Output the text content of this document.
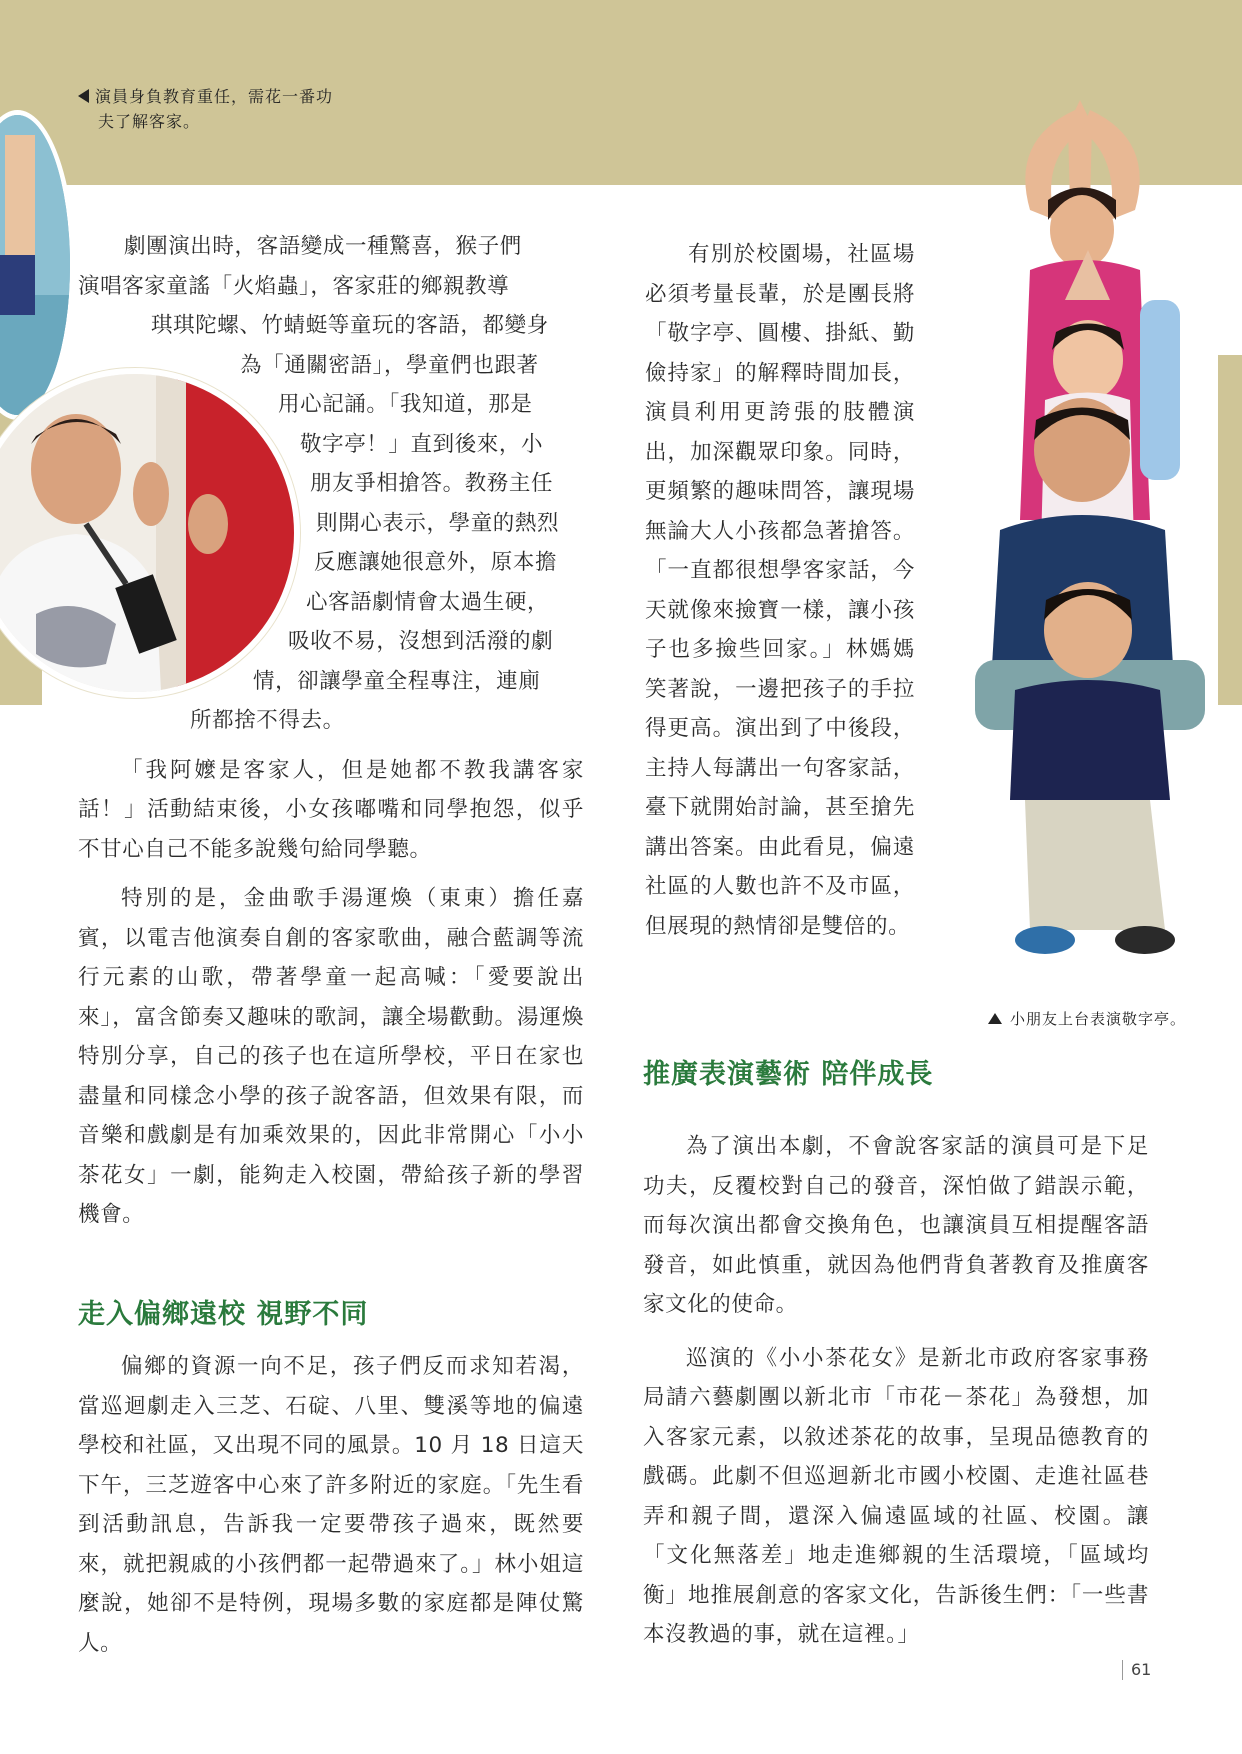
演員身負教育重任，需花一番功
夫了解客家。
劇團演出時，客語變成一種驚喜，猴子們
演唱客家童謠「火焰蟲」，客家莊的鄉親教導
琪琪陀螺、竹蜻蜓等童玩的客語，都變身
為「通關密語」，學童們也跟著
用心記誦。「我知道，那是
敬字亭！」直到後來，小
朋友爭相搶答。教務主任
則開心表示，學童的熱烈
反應讓她很意外，原本擔
心客語劇情會太過生硬，
吸收不易，沒想到活潑的劇
情，卻讓學童全程專注，連廁
所都捨不得去。

「我阿嬤是客家人，但是她都不教我講客家話！」活動結束後，小女孩嘟嘴和同學抱怨，似乎不甘心自己不能多說幾句給同學聽。

特別的是，金曲歌手湯運煥（東東）擔任嘉賓，以電吉他演奏自創的客家歌曲，融合藍調等流行元素的山歌，帶著學童一起高喊：「愛要說出來」，富含節奏又趣味的歌詞，讓全場歡動。湯運煥特別分享，自己的孩子也在這所學校，平日在家也盡量和同樣念小學的孩子說客語，但效果有限，而音樂和戲劇是有加乘效果的，因此非常開心「小小茶花女」一劇，能夠走入校園，帶給孩子新的學習機會。

走入偏鄉遠校 視野不同

偏鄉的資源一向不足，孩子們反而求知若渴，當巡迴劇走入三芝、石碇、八里、雙溪等地的偏遠學校和社區，又出現不同的風景。10 月 18 日這天下午，三芝遊客中心來了許多附近的家庭。「先生看到活動訊息，告訴我一定要帶孩子過來，既然要來，就把親戚的小孩們都一起帶過來了。」林小姐這麼說，她卻不是特例，現場多數的家庭都是陣仗驚人。

有別於校園場，社區場必須考量長輩，於是團長將「敬字亭、圓樓、掛紙、勤儉持家」的解釋時間加長，演員利用更誇張的肢體演出，加深觀眾印象。同時，更頻繁的趣味問答，讓現場無論大人小孩都急著搶答。「一直都很想學客家話，今天就像來撿寶一樣，讓小孩子也多撿些回家。」林媽媽笑著說，一邊把孩子的手拉得更高。演出到了中後段，主持人每講出一句客家話，臺下就開始討論，甚至搶先講出答案。由此看見，偏遠社區的人數也許不及市區，但展現的熱情卻是雙倍的。

小朋友上台表演敬字亭。
推廣表演藝術 陪伴成長

為了演出本劇，不會說客家話的演員可是下足功夫，反覆校對自己的發音，深怕做了錯誤示範，而每次演出都會交換角色，也讓演員互相提醒客語發音，如此慎重，就因為他們背負著教育及推廣客家文化的使命。

巡演的《小小茶花女》是新北市政府客家事務局請六藝劇團以新北市「市花－茶花」為發想，加入客家元素，以敘述茶花的故事，呈現品德教育的戲碼。此劇不但巡迴新北市國小校園、走進社區巷弄和親子間，還深入偏遠區域的社區、校園。讓「文化無落差」地走進鄉親的生活環境，「區域均衡」地推展創意的客家文化，告訴後生們：「一些書本沒教過的事，就在這裡。」

61
